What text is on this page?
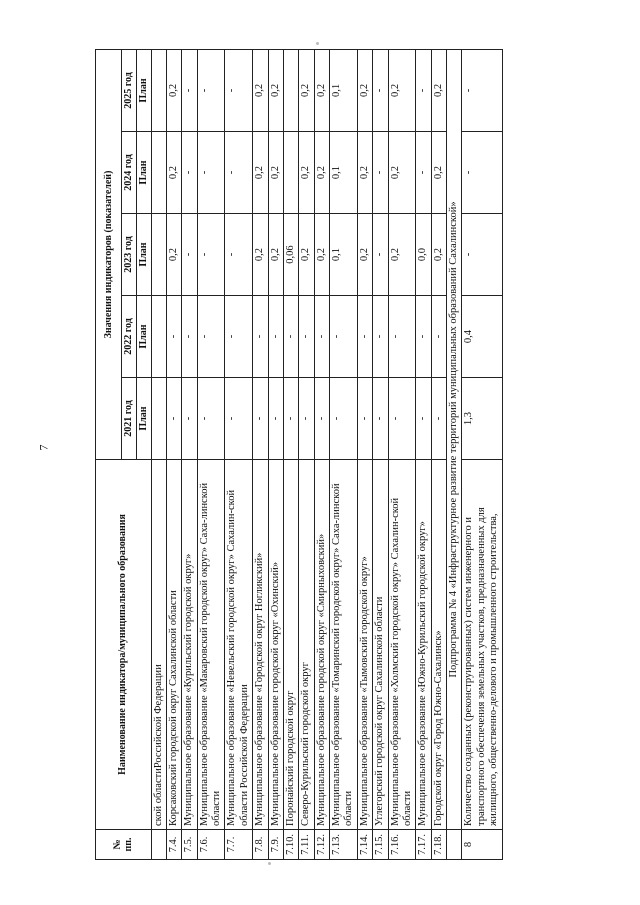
7
№ пп.	Наименование индикатора/муниципального образования	Значения индикаторов (показателей)				
		2021 год	2022 год	2023 год	2024 год	2025 год
		План	План	План	План	План
	ской областиРоссийской Федерации					
7.4.	Корсаковский городской округ Сахалинской области	-	-	0,2	0,2	0,2
7.5.	Муниципальное образование «Курильский городской округ»	-	-	-	-	-
7.6.	Муниципальное образование «Макаровский городской округ» Саха-линской области	-	-	-	-	-
7.7.	Муниципальное образование «Невельский городской округ» Сахалин-ской области Российской Федерации	-	-	-	-	-
7.8.	Муниципальное образование «Городской округ Ногликский»	-	-	0,2	0,2	0,2
7.9.	Муниципальное образование городской округ «Охинский»	-	-	0,2	0,2	0,2
7.10.	Поронайский городской округ	-	-	0,06		
7.11.	Северо-Курильский городской округ	-	-	0,2	0,2	0,2
7.12.	Муниципальное образование городской округ «Смирныховский»	-	-	0,2	0,2	0,2
7.13.	Муниципальное образование «Томаринский городской округ» Саха-линской области	-	-	0,1	0,1	0,1
7.14.	Муниципальное образование «Тымовский городской округ»	-	-	0,2	0,2	0,2
7.15.	Углегорский городской округ Сахалинской области	-	-	-	-	-
7.16.	Муниципальное образование «Холмский городской округ» Сахалин-ской области	-	-	0,2	0,2	0,2
7.17.	Муниципальное образование «Южно-Курильский городской округ»	-	-	0,0	-	-
7.18.	Городской округ «Город Южно-Сахалинск»	-	-	0,2	0,2	0,2
	Подпрограмма № 4 «Инфраструктурное развитие территорий муниципальных образований Сахалинской»					
8	Количество созданных (реконструированных) систем инженерного и транспортного обеспечения земельных участков, предназначенных для жилищного, общественно-делового и промышленного строительства,	1,3	0,4	-	-	-
